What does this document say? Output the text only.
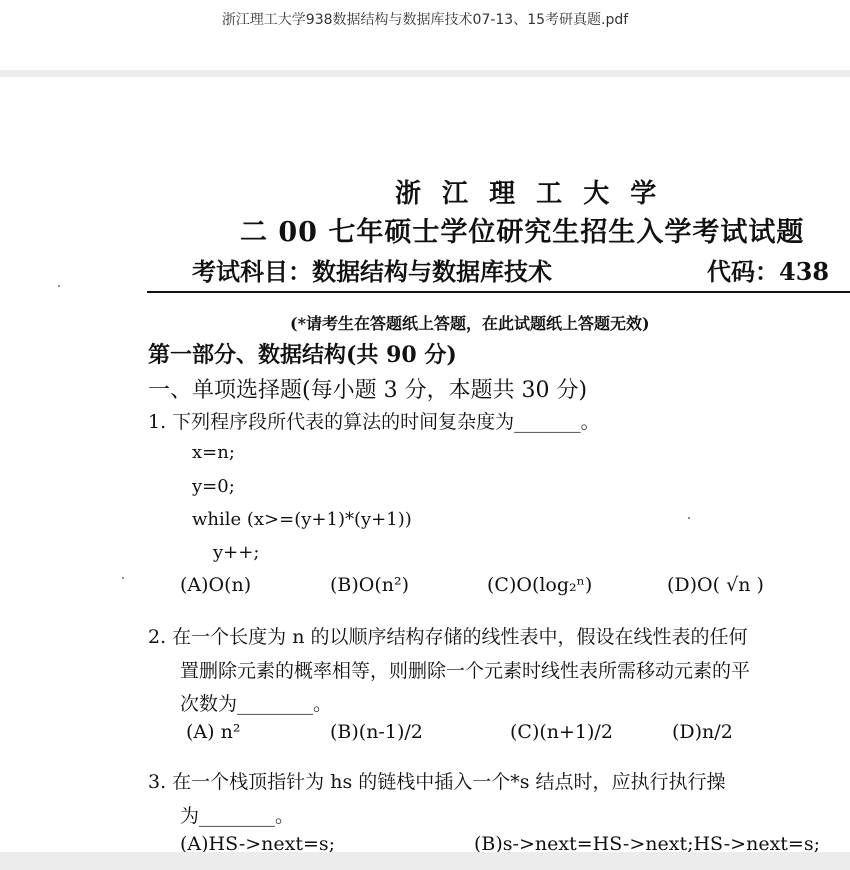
浙江理工大学938数据结构与数据库技术07-13、15考研真题.pdf
浙 江 理 工 大 学
二 00 七年硕士学位研究生招生入学考试试题
考试科目：数据结构与数据库技术	代码：438
(*请考生在答题纸上答题，在此试题纸上答题无效)
第一部分、数据结构(共 90 分)
一、单项选择题(每小题 3 分，本题共 30 分)
1. 下列程序段所代表的算法的时间复杂度为_______。
x=n;
y=0;
while (x>=(y+1)*(y+1))
y++;
(A)O(n)	(B)O(n²)	(C)O(log₂ⁿ)	(D)O( √n )
2. 在一个长度为 n 的以顺序结构存储的线性表中，假设在线性表的任何
置删除元素的概率相等，则删除一个元素时线性表所需移动元素的平
次数为________。
(A) n²	(B)(n-1)/2	(C)(n+1)/2	(D)n/2
3. 在一个栈顶指针为 hs 的链栈中插入一个*s 结点时，应执行执行操
为________。
(A)HS->next=s;	(B)s->next=HS->next;HS->next=s;
